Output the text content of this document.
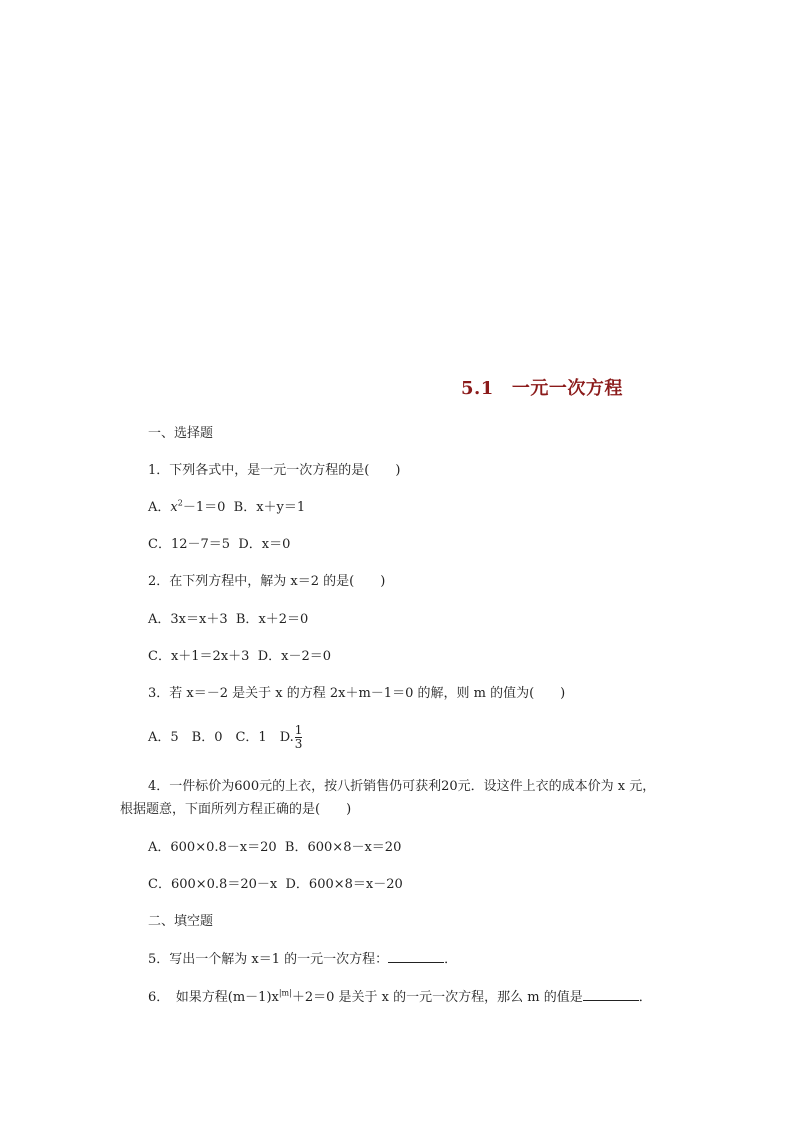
5.1 一元一次方程
一、选择题
1．下列各式中，是一元一次方程的是(　　)
A．$x^2-1=0$ B．x＋y＝1
C．12－7＝5 D．x＝0
2．在下列方程中，解为 x＝2 的是(　　)
A．3x＝x＋3 B．x＋2＝0
C．x＋1＝2x＋3 D．x－2＝0
3．若 x＝－2 是关于 x 的方程 2x＋m－1＝0 的解，则 m 的值为(　　)
A．5　B．0　C．1　D. $\frac{1}{3}$
4．一件标价为600元的上衣，按八折销售仍可获利20元．设这件上衣的成本价为 x 元，
根据题意，下面所列方程正确的是(　　)
A．600×0.8－x＝20 B．600×8－x＝20
C．600×0.8＝20－x D．600×8＝x－20
二、填空题
5．写出一个解为 x＝1 的一元一次方程：	．
6．　如果方程$(m-1)x^{|m|}+2=0$ 是关于 x 的一元一次方程，那么 m 的值是	．
